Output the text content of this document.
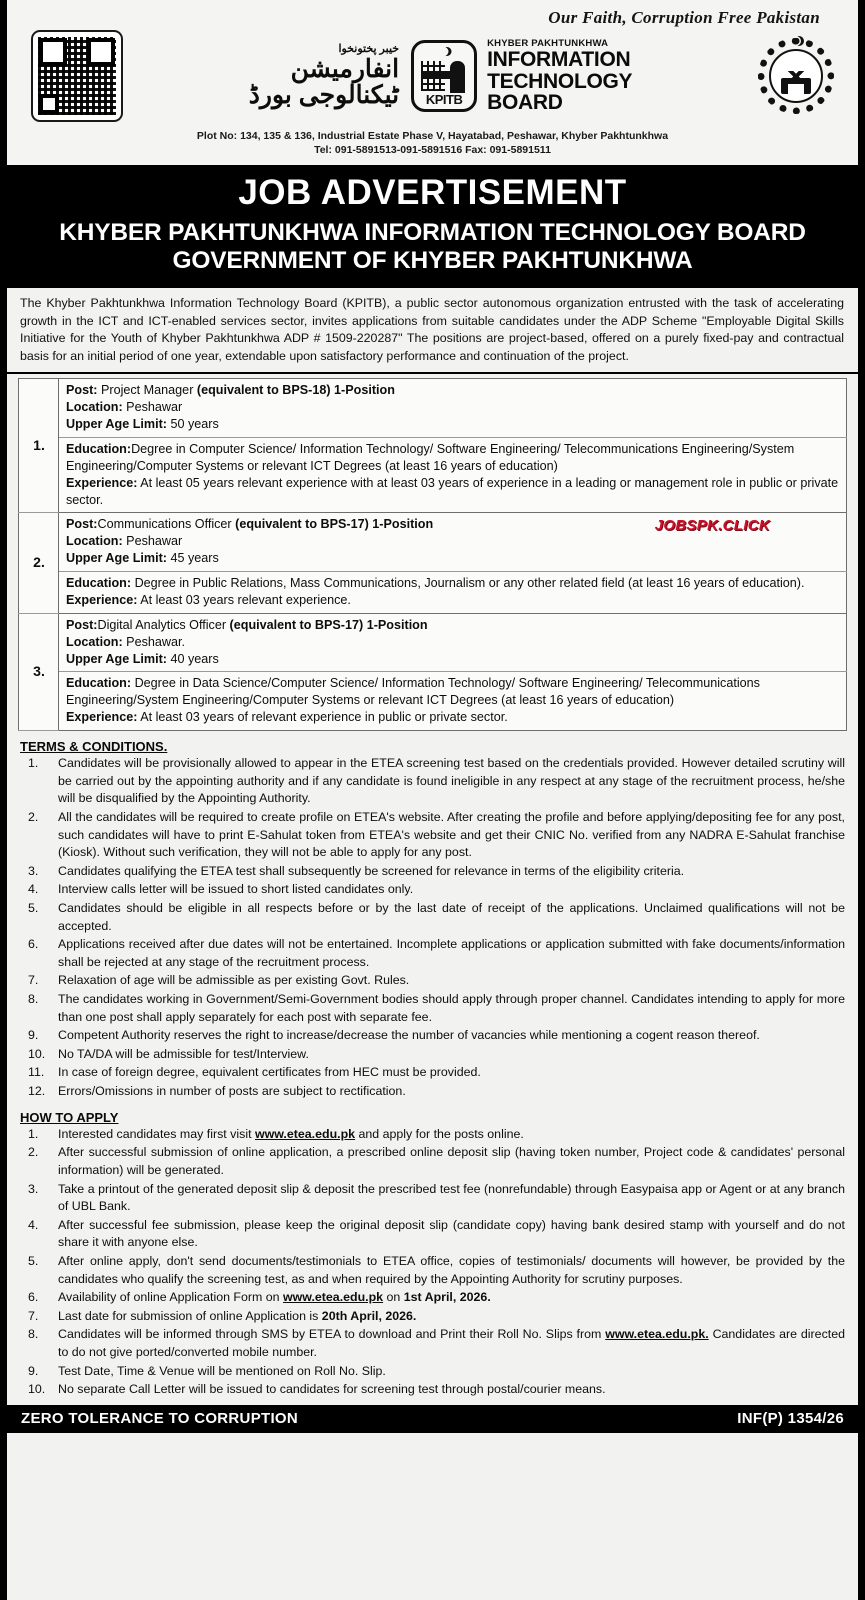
Our Faith, Corruption Free Pakistan
خیبر پختونخوا
انفارمیشن
ٹیکنالوجی بورڈ	KPITB
KHYBER PAKHTUNKHWA
INFORMATION
TECHNOLOGY
BOARD
Plot No: 134, 135 & 136, Industrial Estate Phase V, Hayatabad, Peshawar, Khyber Pakhtunkhwa
Tel: 091-5891513-091-5891516 Fax: 091-5891511
JOB ADVERTISEMENT
KHYBER PAKHTUNKHWA INFORMATION TECHNOLOGY BOARD
GOVERNMENT OF KHYBER PAKHTUNKHWA
The Khyber Pakhtunkhwa Information Technology Board (KPITB), a public sector autonomous organization entrusted with the task of accelerating growth in the ICT and ICT-enabled services sector, invites applications from suitable candidates under the ADP Scheme "Employable Digital Skills Initiative for the Youth of Khyber Pakhtunkhwa ADP # 1509-220287" The positions are project-based, offered on a purely fixed-pay and contractual basis for an initial period of one year, extendable upon satisfactory performance and continuation of the project.
1.	Post: Project Manager (equivalent to BPS-18) 1-Position
Location: Peshawar
Upper Age Limit: 50 years

	Education:Degree in Computer Science/ Information Technology/ Software Engineering/ Telecommunications Engineering/System Engineering/Computer Systems or relevant ICT Degrees (at least 16 years of education)
Experience: At least 05 years relevant experience with at least 03 years of experience in a leading or management role in public or private sector.

2.	JOBSPK.CLICK
Post:Communications Officer (equivalent to BPS-17) 1-Position
Location: Peshawar
Upper Age Limit: 45 years

	Education: Degree in Public Relations, Mass Communications, Journalism or any other related field (at least 16 years of education).
Experience: At least 03 years relevant experience.

3.	Post:Digital Analytics Officer (equivalent to BPS-17) 1-Position
Location: Peshawar.
Upper Age Limit: 40 years

	Education: Degree in Data Science/Computer Science/ Information Technology/ Software Engineering/ Telecommunications Engineering/System Engineering/Computer Systems or relevant ICT Degrees (at least 16 years of education)
Experience: At least 03 years of relevant experience in public or private sector.
TERMS & CONDITIONS.
Candidates will be provisionally allowed to appear in the ETEA screening test based on the credentials provided. However detailed scrutiny will be carried out by the appointing authority and if any candidate is found ineligible in any respect at any stage of the recruitment process, he/she will be disqualified by the Appointing Authority.
All the candidates will be required to create profile on ETEA's website. After creating the profile and before applying/depositing fee for any post, such candidates will have to print E-Sahulat token from ETEA's website and get their CNIC No. verified from any NADRA E-Sahulat franchise (Kiosk). Without such verification, they will not be able to apply for any post.
Candidates qualifying the ETEA test shall subsequently be screened for relevance in terms of the eligibility criteria.
Interview calls letter will be issued to short listed candidates only.
Candidates should be eligible in all respects before or by the last date of receipt of the applications. Unclaimed qualifications will not be accepted.
Applications received after due dates will not be entertained. Incomplete applications or application submitted with fake documents/information shall be rejected at any stage of the recruitment process.
Relaxation of age will be admissible as per existing Govt. Rules.
The candidates working in Government/Semi-Government bodies should apply through proper channel. Candidates intending to apply for more than one post shall apply separately for each post with separate fee.
Competent Authority reserves the right to increase/decrease the number of vacancies while mentioning a cogent reason thereof.
No TA/DA will be admissible for test/Interview.
In case of foreign degree, equivalent certificates from HEC must be provided.
Errors/Omissions in number of posts are subject to rectification.
HOW TO APPLY
Interested candidates may first visit www.etea.edu.pk and apply for the posts online.
After successful submission of online application, a prescribed online deposit slip (having token number, Project code & candidates' personal information) will be generated.
Take a printout of the generated deposit slip & deposit the prescribed test fee (nonrefundable) through Easypaisa app or Agent or at any branch of UBL Bank.
After successful fee submission, please keep the original deposit slip (candidate copy) having bank desired stamp with yourself and do not share it with anyone else.
After online apply, don't send documents/testimonials to ETEA office, copies of testimonials/ documents will however, be provided by the candidates who qualify the screening test, as and when required by the Appointing Authority for scrutiny purposes.
Availability of online Application Form on www.etea.edu.pk on 1st April, 2026.
Last date for submission of online Application is 20th April, 2026.
Candidates will be informed through SMS by ETEA to download and Print their Roll No. Slips from www.etea.edu.pk. Candidates are directed to do not give ported/converted mobile number.
Test Date, Time & Venue will be mentioned on Roll No. Slip.
No separate Call Letter will be issued to candidates for screening test through postal/courier means.
ZERO TOLERANCE TO CORRUPTION	INF(P) 1354/26
